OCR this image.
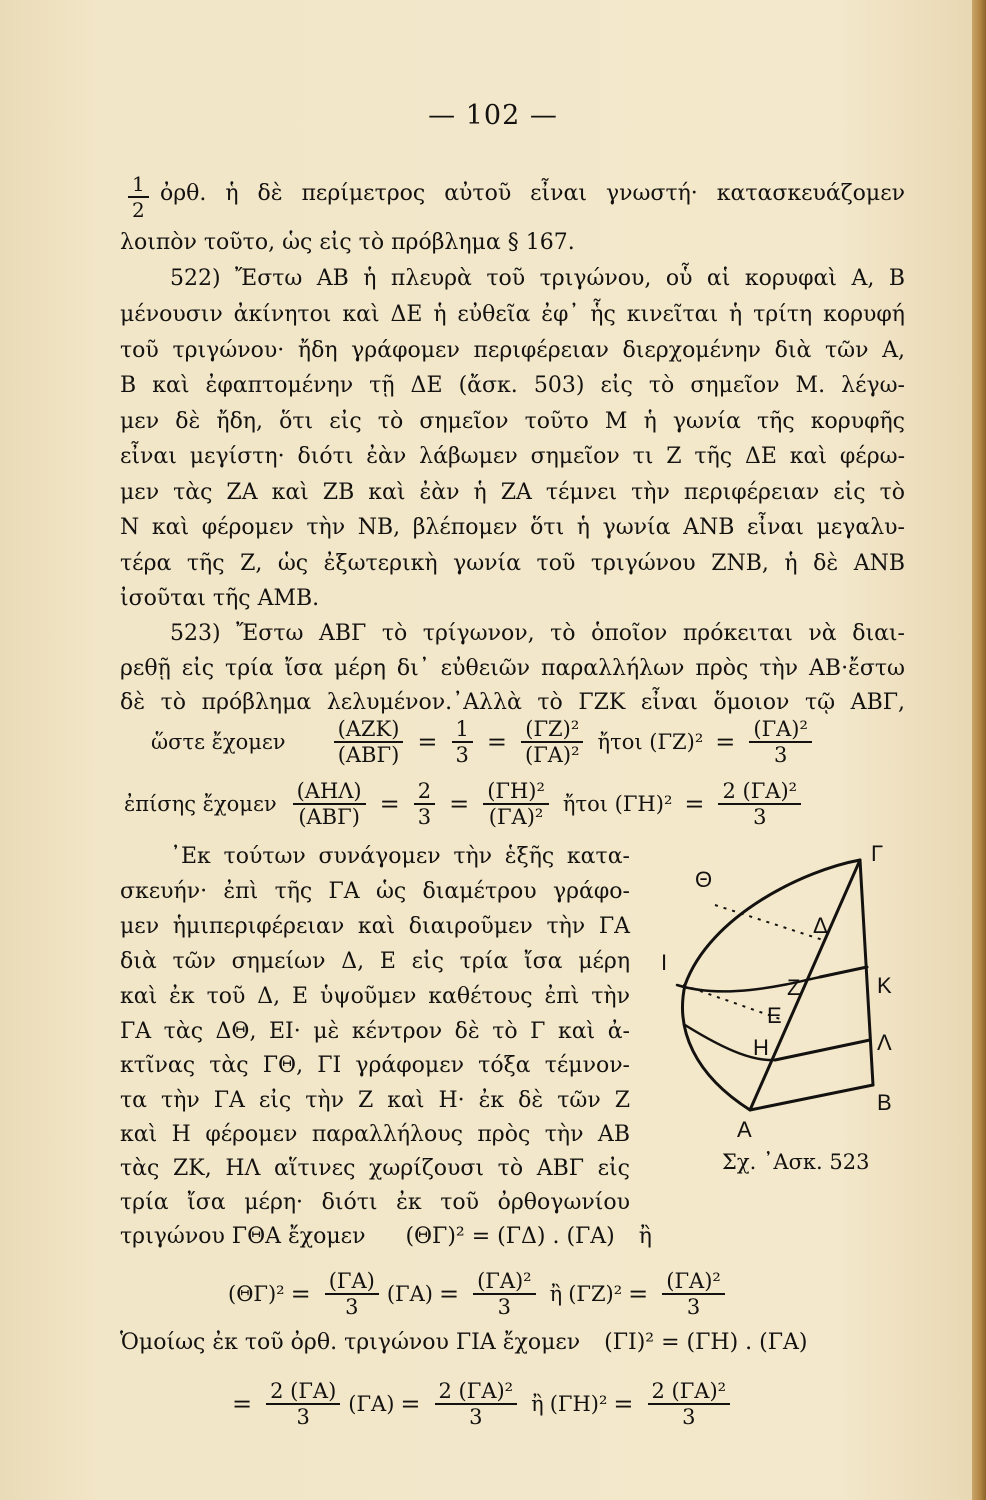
— 102 —
$\frac{1}{2}$ ὀρθ. ἡ δὲ περίμετρος αὐτοῦ εἶναι γνωστή· κατασκευάζομεν
λοιπὸν τοῦτο, ὡς εἰς τὸ πρόβλημα § 167.
522) Ἔστω ΑΒ ἡ πλευρὰ τοῦ τριγώνου, οὗ αἱ κορυφαὶ Α, Β
μένουσιν ἀκίνητοι καὶ ΔΕ ἡ εὐθεῖα ἐφ᾽ ἧς κινεῖται ἡ τρίτη κορυφή
τοῦ τριγώνου· ἤδη γράφομεν περιφέρειαν διερχομένην διὰ τῶν Α,
Β καὶ ἐφαπτομένην τῇ ΔΕ (ἄσκ. 503) εἰς τὸ σημεῖον Μ. λέγω-
μεν δὲ ἤδη, ὅτι εἰς τὸ σημεῖον τοῦτο Μ ἡ γωνία τῆς κορυφῆς
εἶναι μεγίστη· διότι ἐὰν λάβωμεν σημεῖον τι Ζ τῆς ΔΕ καὶ φέρω-
μεν τὰς ΖΑ καὶ ΖΒ καὶ ἐὰν ἡ ΖΑ τέμνει τὴν περιφέρειαν εἰς τὸ
Ν καὶ φέρομεν τὴν ΝΒ, βλέπομεν ὅτι ἡ γωνία ΑΝΒ εἶναι μεγαλυ-
τέρα τῆς Ζ, ὡς ἐξωτερικὴ γωνία τοῦ τριγώνου ΖΝΒ, ἡ δὲ ΑΝΒ
ἰσοῦται τῆς ΑΜΒ.
523) Ἔστω ΑΒΓ τὸ τρίγωνον, τὸ ὁποῖον πρόκειται νὰ διαι-
ρεθῇ εἰς τρία ἴσα μέρη δι᾽ εὐθειῶν παραλλήλων πρὸς τὴν ΑΒ·ἔστω
δὲ τὸ πρόβλημα λελυμένον.᾽Αλλὰ τὸ ΓΖΚ εἶναι ὅμοιον τῷ ΑΒΓ,
ὥστε ἔχομεν $\frac{\text{(ΑΖΚ)}}{\text{(ΑΒΓ)}} = \frac{1}{3} = \frac{\text{(ΓΖ)²}}{\text{(ΓΑ)²}}$ ἤτοι $(\Gamma Z)^2 = \frac{\text{(ΓΑ)²}}{3}$
ἐπίσης ἔχομεν $\frac{\text{(ΑΗΛ)}}{\text{(ΑΒΓ)}} = \frac{2}{3} = \frac{\text{(ΓΗ)²}}{\text{(ΓΑ)²}}$ ἤτοι $(\Gamma H)^2 = \frac{\text{2 (ΓΑ)²}}{3}$
᾽Εκ τούτων συνάγομεν τὴν ἑξῆς κατα-
σκευήν· ἐπὶ τῆς ΓΑ ὡς διαμέτρου γράφο-
μεν ἡμιπεριφέρειαν καὶ διαιροῦμεν τὴν ΓΑ
διὰ τῶν σημείων Δ, Ε εἰς τρία ἴσα μέρη
καὶ ἐκ τοῦ Δ, Ε ὑψοῦμεν καθέτους ἐπὶ τὴν
ΓΑ τὰς ΔΘ, ΕΙ· μὲ κέντρον δὲ τὸ Γ καὶ ἀ-
κτῖνας τὰς ΓΘ, ΓΙ γράφομεν τόξα τέμνον-
τα τὴν ΓΑ εἰς τὴν Ζ καὶ Η· ἐκ δὲ τῶν Ζ
καὶ Η φέρομεν παραλλήλους πρὸς τὴν ΑΒ
τὰς ΖΚ, ΗΛ αἵτινες χωρίζουσι τὸ ΑΒΓ εἰς
τρία ἴσα μέρη· διότι ἐκ τοῦ ὀρθογωνίου
Γ
Θ
Δ
Ι
Ζ	Κ
Ε
Η	Λ
Β
Α
Σχ. ᾽Ασκ. 523
τριγώνου ΓΘΑ ἔχομεν (ΘΓ)² = (ΓΔ) . (ΓΑ) ἢ
$(\Theta\Gamma)^2 = \frac{(\Gamma A)}{3} (\Gamma A) = \frac{\text{(ΓΑ)²}}{3}$ ἢ $(\Gamma Z)^2 = \frac{\text{(ΓΑ)²}}{3}$
Ὁμοίως ἐκ τοῦ ὀρθ. τριγώνου ΓΙΑ ἔχομεν (ΓΙ)² = (ΓΗ) . (ΓΑ)
= $\frac{2 (\Gamma A)}{3} (\Gamma A) = \frac{\text{2 (ΓΑ)²}}{3}$ ἢ $(\Gamma H)^2 = \frac{\text{2 (ΓΑ)²}}{3}$
